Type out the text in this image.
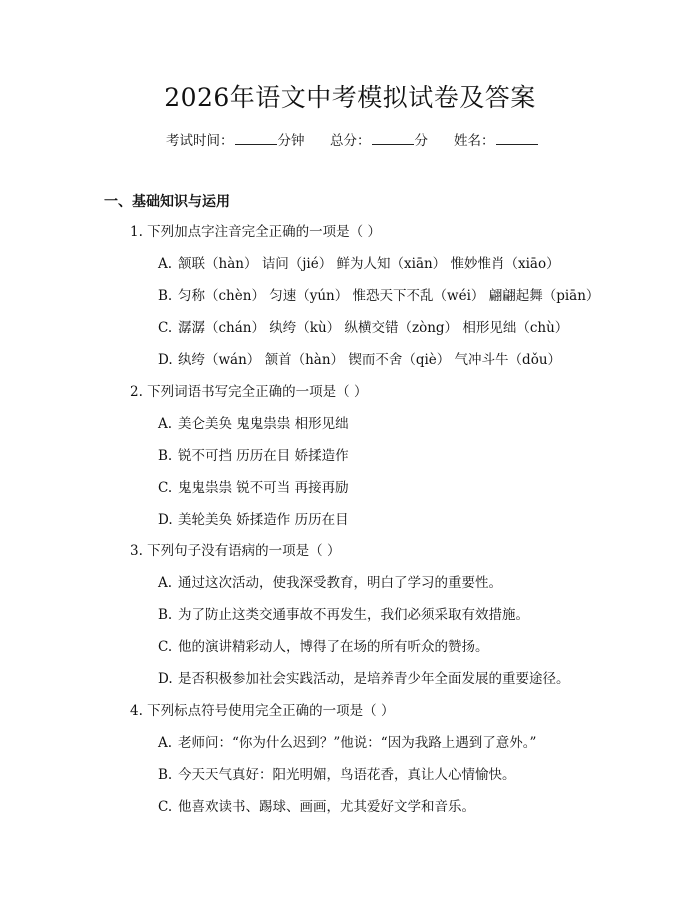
2026年语文中考模拟试卷及答案
考试时间：	分钟 总分：	分 姓名：
一、基础知识与运用
1. 下列加点字注音完全正确的一项是（ ）
A. 颔联（hàn） 诘问（jié） 鲜为人知（xiān） 惟妙惟肖（xiāo）
B. 匀称（chèn） 匀速（yún） 惟恐天下不乱（wéi） 翩翩起舞（piān）
C. 潺潺（chán） 纨绔（kù） 纵横交错（zòng） 相形见绌（chù）
D. 纨绔（wán） 颔首（hàn） 锲而不舍（qiè） 气冲斗牛（dǒu）
2. 下列词语书写完全正确的一项是（ ）
A. 美仑美奂 鬼鬼祟祟 相形见绌
B. 锐不可挡 历历在目 娇揉造作
C. 鬼鬼祟祟 锐不可当 再接再励
D. 美轮美奂 娇揉造作 历历在目
3. 下列句子没有语病的一项是（ ）
A. 通过这次活动，使我深受教育，明白了学习的重要性。
B. 为了防止这类交通事故不再发生，我们必须采取有效措施。
C. 他的演讲精彩动人，博得了在场的所有听众的赞扬。
D. 是否积极参加社会实践活动，是培养青少年全面发展的重要途径。
4. 下列标点符号使用完全正确的一项是（ ）
A. 老师问：“你为什么迟到？”他说：“因为我路上遇到了意外。”
B. 今天天气真好：阳光明媚，鸟语花香，真让人心情愉快。
C. 他喜欢读书、踢球、画画，尤其爱好文学和音乐。
